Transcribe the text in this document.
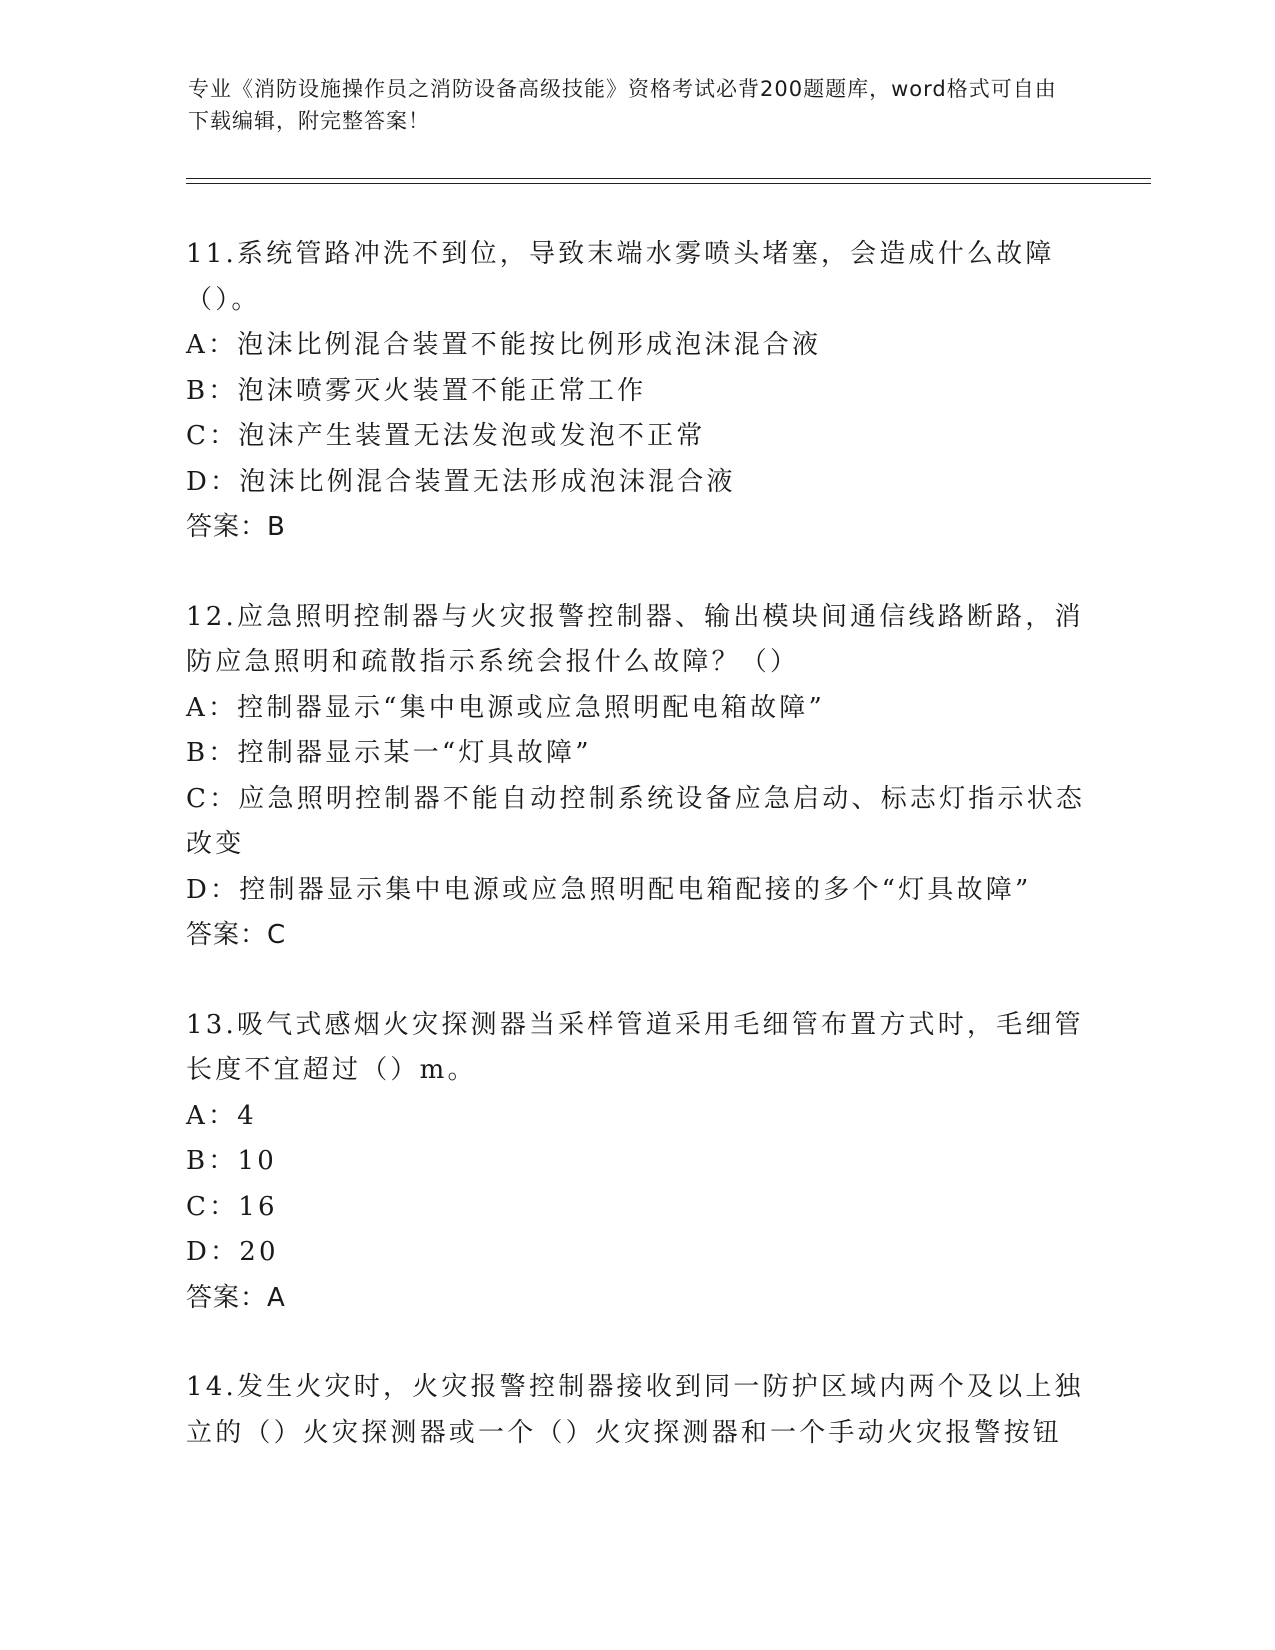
专业《消防设施操作员之消防设备高级技能》资格考试必背200题题库，word格式可自由下载编辑，附完整答案！

11.系统管路冲洗不到位，导致末端水雾喷头堵塞，会造成什么故障（）。

A：泡沫比例混合装置不能按比例形成泡沫混合液

B：泡沫喷雾灭火装置不能正常工作

C：泡沫产生装置无法发泡或发泡不正常

D：泡沫比例混合装置无法形成泡沫混合液

答案：B

12.应急照明控制器与火灾报警控制器、输出模块间通信线路断路，消防应急照明和疏散指示系统会报什么故障？（）

A：控制器显示“集中电源或应急照明配电箱故障”

B：控制器显示某一“灯具故障”

C：应急照明控制器不能自动控制系统设备应急启动、标志灯指示状态改变

D：控制器显示集中电源或应急照明配电箱配接的多个“灯具故障”

答案：C

13.吸气式感烟火灾探测器当采样管道采用毛细管布置方式时，毛细管长度不宜超过（）m。

A：4

B：10

C：16

D：20

答案：A

14.发生火灾时，火灾报警控制器接收到同一防护区域内两个及以上独立的（）火灾探测器或一个（）火灾探测器和一个手动火灾报警按钮
